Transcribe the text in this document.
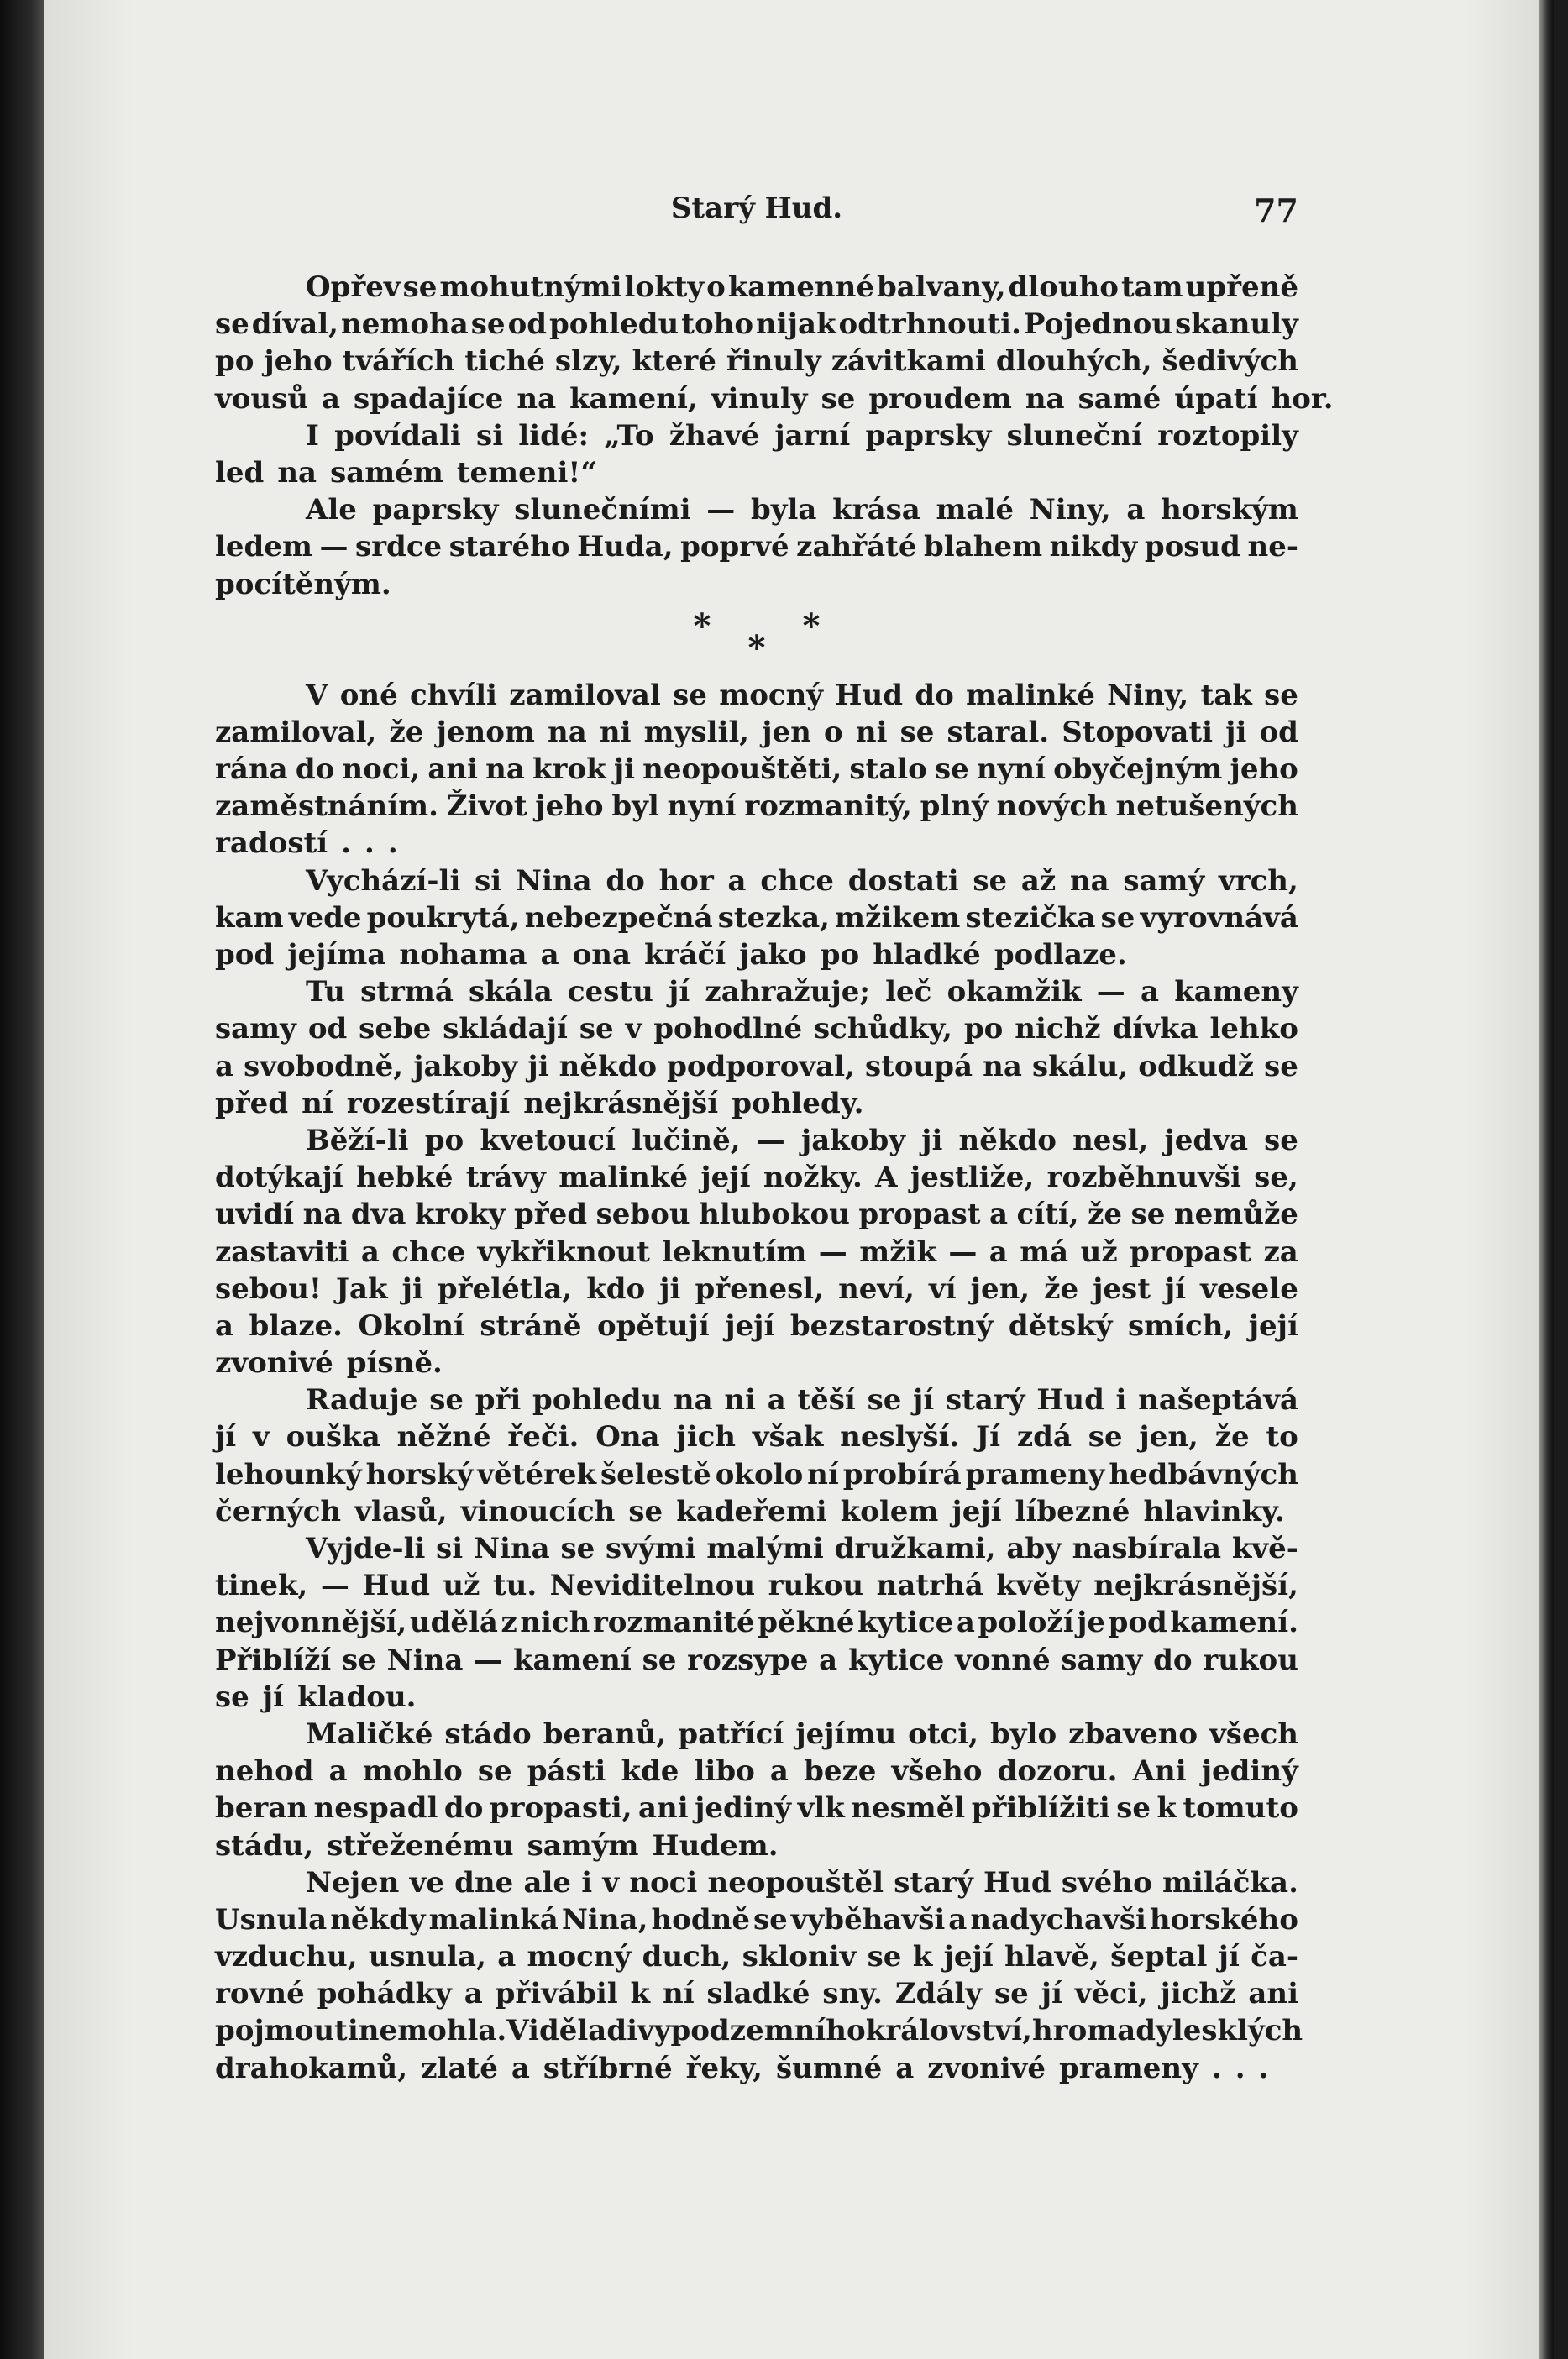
Starý Hud.	77
Opřev se mohutnými lokty o kamenné balvany, dlouho tam upřeně
se díval, nemoha se od pohledu toho nijak odtrhnouti. Pojednou skanuly
po jeho tvářích tiché slzy, které řinuly závitkami dlouhých, šedivých
vousů a spadajíce na kamení, vinuly se proudem na samé úpatí hor.
I povídali si lidé: „To žhavé jarní paprsky sluneční roztopily
led na samém temeni!“
Ale paprsky slunečními — byla krása malé Niny, a horským
ledem — srdce starého Huda, poprvé zahřáté blahem nikdy posud ne-
pocítěným.
*	*
*
V oné chvíli zamiloval se mocný Hud do malinké Niny, tak se
zamiloval, že jenom na ni myslil, jen o ni se staral. Stopovati ji od
rána do noci, ani na krok ji neopouštěti, stalo se nyní obyčejným jeho
zaměstnáním. Život jeho byl nyní rozmanitý, plný nových netušených
radostí . . .
Vychází-li si Nina do hor a chce dostati se až na samý vrch,
kam vede poukrytá, nebezpečná stezka, mžikem stezička se vyrovnává
pod jejíma nohama a ona kráčí jako po hladké podlaze.
Tu strmá skála cestu jí zahražuje; leč okamžik — a kameny
samy od sebe skládají se v pohodlné schůdky, po nichž dívka lehko
a svobodně, jakoby ji někdo podporoval, stoupá na skálu, odkudž se
před ní rozestírají nejkrásnější pohledy.
Běží-li po kvetoucí lučině, — jakoby ji někdo nesl, jedva se
dotýkají hebké trávy malinké její nožky. A jestliže, rozběhnuvši se,
uvidí na dva kroky před sebou hlubokou propast a cítí, že se nemůže
zastaviti a chce vykřiknout leknutím — mžik — a má už propast za
sebou! Jak ji přelétla, kdo ji přenesl, neví, ví jen, že jest jí vesele
a blaze. Okolní stráně opětují její bezstarostný dětský smích, její
zvonivé písně.
Raduje se při pohledu na ni a těší se jí starý Hud i našeptává
jí v ouška něžné řeči. Ona jich však neslyší. Jí zdá se jen, že to
lehounký horský větérek šelestě okolo ní probírá prameny hedbávných
černých vlasů, vinoucích se kadeřemi kolem její líbezné hlavinky.
Vyjde-li si Nina se svými malými družkami, aby nasbírala kvě-
tinek, — Hud už tu. Neviditelnou rukou natrhá květy nejkrásnější,
nejvonnější, udělá z nich rozmanité pěkné kytice a položí je pod kamení.
Přiblíží se Nina — kamení se rozsype a kytice vonné samy do rukou
se jí kladou.
Maličké stádo beranů, patřící jejímu otci, bylo zbaveno všech
nehod a mohlo se pásti kde libo a beze všeho dozoru. Ani jediný
beran nespadl do propasti, ani jediný vlk nesměl přiblížiti se k tomuto
stádu, střeženému samým Hudem.
Nejen ve dne ale i v noci neopouštěl starý Hud svého miláčka.
Usnula někdy malinká Nina, hodně se vyběhavši a nadychavši horského
vzduchu, usnula, a mocný duch, skloniv se k její hlavě, šeptal jí ča-
rovné pohádky a přivábil k ní sladké sny. Zdály se jí věci, jichž ani
pojmouti nemohla. Viděla divy podzemního království, hromady lesklých
drahokamů, zlaté a stříbrné řeky, šumné a zvonivé prameny . . .
